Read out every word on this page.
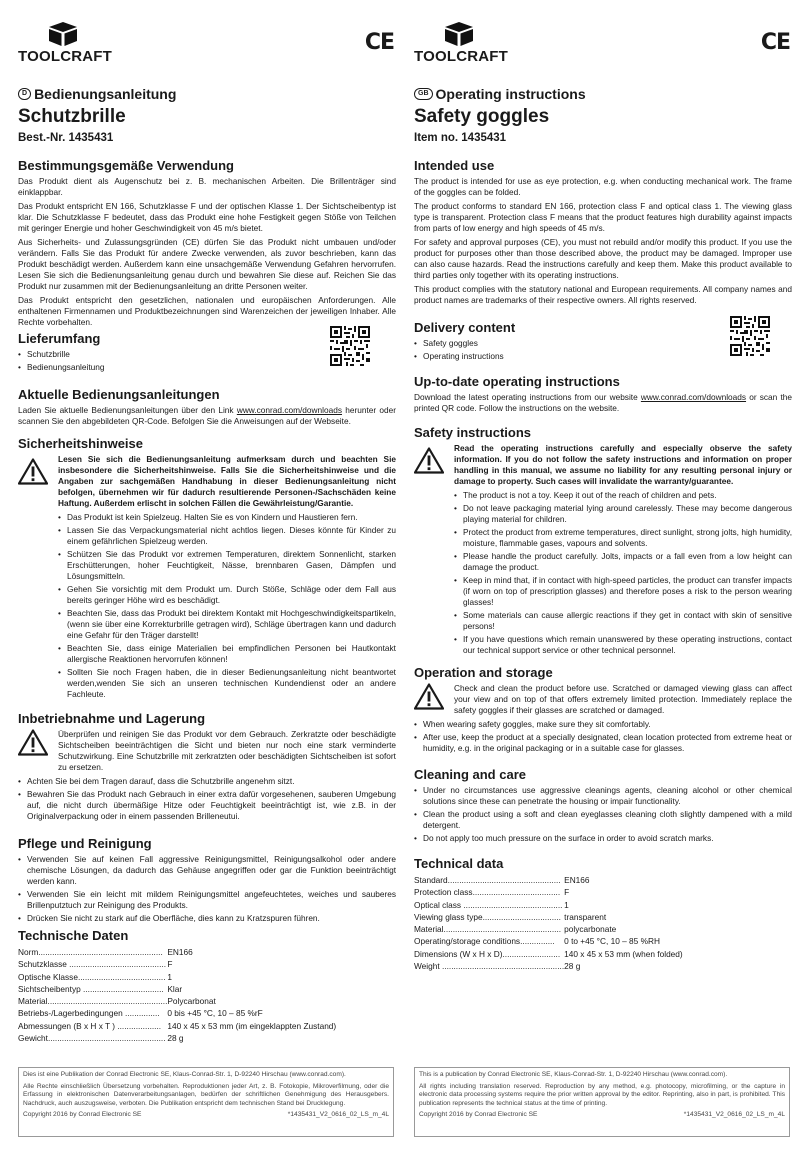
TOOLCRAFT
CE
D Bedienungsanleitung
Schutzbrille
Best.-Nr. 1435431
Bestimmungsgemäße Verwendung

Das Produkt dient als Augenschutz bei z. B. mechanischen Arbeiten. Die Brillenträger sind einklappbar.

Das Produkt entspricht EN 166, Schutzklasse F und der optischen Klasse 1. Der Sichtscheibentyp ist klar. Die Schutzklasse F bedeutet, dass das Produkt eine hohe Festigkeit gegen Stöße von Teilchen mit geringer Energie und hoher Geschwindigkeit von 45 m/s bietet.

Aus Sicherheits- und Zulassungsgründen (CE) dürfen Sie das Produkt nicht umbauen und/oder verändern. Falls Sie das Produkt für andere Zwecke verwenden, als zuvor beschrieben, kann das Produkt beschädigt werden. Außerdem kann eine unsachgemäße Verwendung Gefahren hervorrufen. Lesen Sie sich die Bedienungsanleitung genau durch und bewahren Sie diese auf. Reichen Sie das Produkt nur zusammen mit der Bedienungsanleitung an dritte Personen weiter.

Das Produkt entspricht den gesetzlichen, nationalen und europäischen Anforderungen. Alle enthaltenen Firmennamen und Produktbezeichnungen sind Warenzeichen der jeweiligen Inhaber. Alle Rechte vorbehalten.

Lieferumfang
• Schutzbrille
• Bedienungsanleitung
Aktuelle Bedienungsanleitungen

Laden Sie aktuelle Bedienungsanleitungen über den Link www.conrad.com/downloads herunter oder scannen Sie den abgebildeten QR-Code. Befolgen Sie die Anweisungen auf der Webseite.

Sicherheitshinweise

Lesen Sie sich die Bedienungsanleitung aufmerksam durch und beachten Sie insbesondere die Sicherheitshinweise. Falls Sie die Sicherheitshinweise und die Angaben zur sachgemäßen Handhabung in dieser Bedienungsanleitung nicht befolgen, übernehmen wir für dadurch resultierende Personen-/Sachschäden keine Haftung. Außerdem erlischt in solchen Fällen die Gewährleistung/Garantie.

• Das Produkt ist kein Spielzeug. Halten Sie es von Kindern und Haustieren fern.
• Lassen Sie das Verpackungsmaterial nicht achtlos liegen. Dieses könnte für Kinder zu einem gefährlichen Spielzeug werden.
• Schützen Sie das Produkt vor extremen Temperaturen, direktem Sonnenlicht, starken Erschütterungen, hoher Feuchtigkeit, Nässe, brennbaren Gasen, Dämpfen und Lösungsmitteln.
• Gehen Sie vorsichtig mit dem Produkt um. Durch Stöße, Schläge oder dem Fall aus bereits geringer Höhe wird es beschädigt.
• Beachten Sie, dass das Produkt bei direktem Kontakt mit Hochgeschwindigkeitspartikeln, (wenn sie über eine Korrekturbrille getragen wird), Schläge übertragen kann und dadurch eine Gefahr für den Träger darstellt!
• Beachten Sie, dass einige Materialien bei empfindlichen Personen bei Hautkontakt allergische Reaktionen hervorrufen können!
• Sollten Sie noch Fragen haben, die in dieser Bedienungsanleitung nicht beantwortet werden,wenden Sie sich an unseren technischen Kundendienst oder an andere Fachleute.
Inbetriebnahme und Lagerung

Überprüfen und reinigen Sie das Produkt vor dem Gebrauch. Zerkratzte oder beschädigte Sichtscheiben beeinträchtigen die Sicht und bieten nur noch eine stark verminderte Schutzwirkung. Eine Schutzbrille mit zerkratzten oder beschädigten Sichtscheiben ist sofort zu ersetzen.

• Achten Sie bei dem Tragen darauf, dass die Schutzbrille angenehm sitzt.
• Bewahren Sie das Produkt nach Gebrauch in einer extra dafür vorgesehenen, sauberen Umgebung auf, die nicht durch übermäßige Hitze oder Feuchtigkeit beeinträchtigt ist, wie z.B. in der Originalverpackung oder in einem passenden Brilleneutui.
Pflege und Reinigung
• Verwenden Sie auf keinen Fall aggressive Reinigungsmittel, Reinigungsalkohol oder andere chemische Lösungen, da dadurch das Gehäuse angegriffen oder gar die Funktion beeinträchtigt werden kann.
• Verwenden Sie ein leicht mit mildem Reinigungsmittel angefeuchtetes, weiches und sauberes Brillenputztuch zur Reinigung des Produkts.
• Drücken Sie nicht zu stark auf die Oberfläche, dies kann zu Kratzspuren führen.
Technische Daten
Norm......................................................	EN166
Schutzklasse ..........................................	F
Optische Klasse......................................	1
Sichtscheibentyp ...................................	Klar
Material....................................................	Polycarbonat
Betriebs-/Lagerbedingungen ...............	0 bis +45 °C, 10 – 85 %rF
Abmessungen (B x H x T ) ...................	140 x 45 x 53 mm (im eingeklappten Zustand)
Gewicht...................................................	28 g

Dies ist eine Publikation der Conrad Electronic SE, Klaus-Conrad-Str. 1, D-92240 Hirschau (www.conrad.com).

Alle Rechte einschließlich Übersetzung vorbehalten. Reproduktionen jeder Art, z. B. Fotokopie, Mikroverfilmung, oder die Erfassung in elektronischen Datenverarbeitungsanlagen, bedürfen der schriftlichen Genehmigung des Herausgebers. Nachdruck, auch auszugsweise, verboten. Die Publikation entspricht dem technischen Stand bei Drucklegung.

Copyright 2016 by Conrad Electronic SE	*1435431_V2_0616_02_LS_m_4L
TOOLCRAFT
CE
GB Operating instructions
Safety goggles
Item no. 1435431
Intended use

The product is intended for use as eye protection, e.g. when conducting mechanical work. The frame of the goggles can be folded.

The product conforms to standard EN 166, protection class F and optical class 1. The viewing glass type is transparent. Protection class F means that the product features high durability against impacts from parts of low energy and high speeds of 45 m/s.

For safety and approval purposes (CE), you must not rebuild and/or modify this product. If you use the product for purposes other than those described above, the product may be damaged. Improper use can also cause hazards. Read the instructions carefully and keep them. Make this product available to third parties only together with its operating instructions.

This product complies with the statutory national and European requirements. All company names and product names are trademarks of their respective owners. All rights reserved.

Delivery content
• Safety goggles
• Operating instructions
Up-to-date operating instructions

Download the latest operating instructions from our website www.conrad.com/downloads or scan the printed QR code. Follow the instructions on the website.

Safety instructions

Read the operating instructions carefully and especially observe the safety information. If you do not follow the safety instructions and information on proper handling in this manual, we assume no liability for any resulting personal injury or damage to property. Such cases will invalidate the warranty/guarantee.

• The product is not a toy. Keep it out of the reach of children and pets.
• Do not leave packaging material lying around carelessly. These may become dangerous playing material for children.
• Protect the product from extreme temperatures, direct sunlight, strong jolts, high humidity, moisture, flammable gases, vapours and solvents.
• Please handle the product carefully. Jolts, impacts or a fall even from a low height can damage the product.
• Keep in mind that, if in contact with high-speed particles, the product can transfer impacts (if worn on top of prescription glasses) and therefore poses a risk to the person wearing glasses!
• Some materials can cause allergic reactions if they get in contact with skin of sensitive persons!
• If you have questions which remain unanswered by these operating instructions, contact our technical support service or other technical personnel.
Operation and storage

Check and clean the product before use. Scratched or damaged viewing glass can affect your view and on top of that offers extremely limited protection. Immediately replace the safety goggles if their glasses are scratched or damaged.

• When wearing safety goggles, make sure they sit comfortably.
• After use, keep the product at a specially designated, clean location protected from extreme heat or humidity, e.g. in the original packaging or in a suitable case for glasses.
Cleaning and care
• Under no circumstances use aggressive cleanings agents, cleaning alcohol or other chemical solutions since these can penetrate the housing or impair functionality.
• Clean the product using a soft and clean eyeglasses cleaning cloth slightly dampened with a mild detergent.
• Do not apply too much pressure on the surface in order to avoid scratch marks.
Technical data
Standard.................................................	EN166
Protection class......................................	F
Optical class ...........................................	1
Viewing glass type..................................	transparent
Material...................................................	polycarbonate
Operating/storage conditions...............	0 to +45 °C, 10 – 85 %RH
Dimensions (W x H x D).........................	140 x 45 x 53 mm (when folded)
Weight .....................................................	28 g

This is a publication by Conrad Electronic SE, Klaus-Conrad-Str. 1, D-92240 Hirschau (www.conrad.com).

All rights including translation reserved. Reproduction by any method, e.g. photocopy, microfilming, or the capture in electronic data processing systems require the prior written approval by the editor. Reprinting, also in part, is prohibited. This publication represents the technical status at the time of printing.

Copyright 2016 by Conrad Electronic SE	*1435431_V2_0616_02_LS_m_4L
